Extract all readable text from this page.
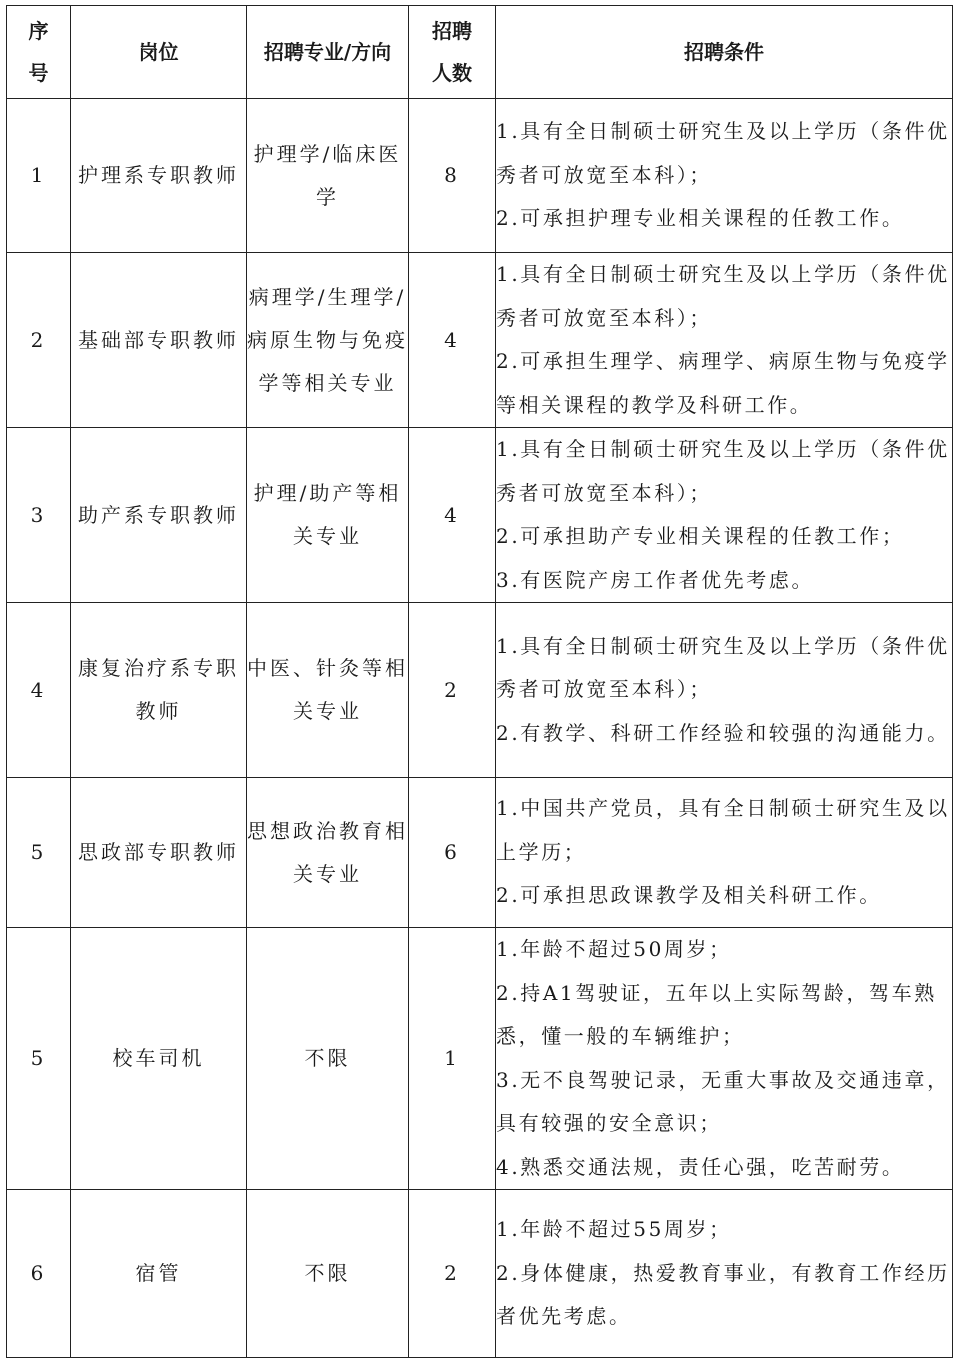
序号	岗位	招聘专业/方向	招聘人数	招聘条件
1	护理系专职教师	护理学/临床医学	8	1.具有全日制硕士研究生及以上学历（条件优秀者可放宽至本科）；
2.可承担护理专业相关课程的任教工作。

2	基础部专职教师	病理学/生理学/病原生物与免疫学等相关专业	4	1.具有全日制硕士研究生及以上学历（条件优秀者可放宽至本科）；
2.可承担生理学、病理学、病原生物与免疫学等相关课程的教学及科研工作。

3	助产系专职教师	护理/助产等相关专业	4	1.具有全日制硕士研究生及以上学历（条件优秀者可放宽至本科）；
2.可承担助产专业相关课程的任教工作；
3.有医院产房工作者优先考虑。

4	康复治疗系专职教师	中医、针灸等相关专业	2	1.具有全日制硕士研究生及以上学历（条件优秀者可放宽至本科）；
2.有教学、科研工作经验和较强的沟通能力。

5	思政部专职教师	思想政治教育相关专业	6	1.中国共产党员，具有全日制硕士研究生及以上学历；
2.可承担思政课教学及相关科研工作。

5	校车司机	不限	1	1.年龄不超过50周岁；
2.持A1驾驶证，五年以上实际驾龄，驾车熟悉，懂一般的车辆维护；
3.无不良驾驶记录，无重大事故及交通违章，具有较强的安全意识；
4.熟悉交通法规，责任心强，吃苦耐劳。

6	宿管	不限	2	1.年龄不超过55周岁；
2.身体健康，热爱教育事业，有教育工作经历者优先考虑。
